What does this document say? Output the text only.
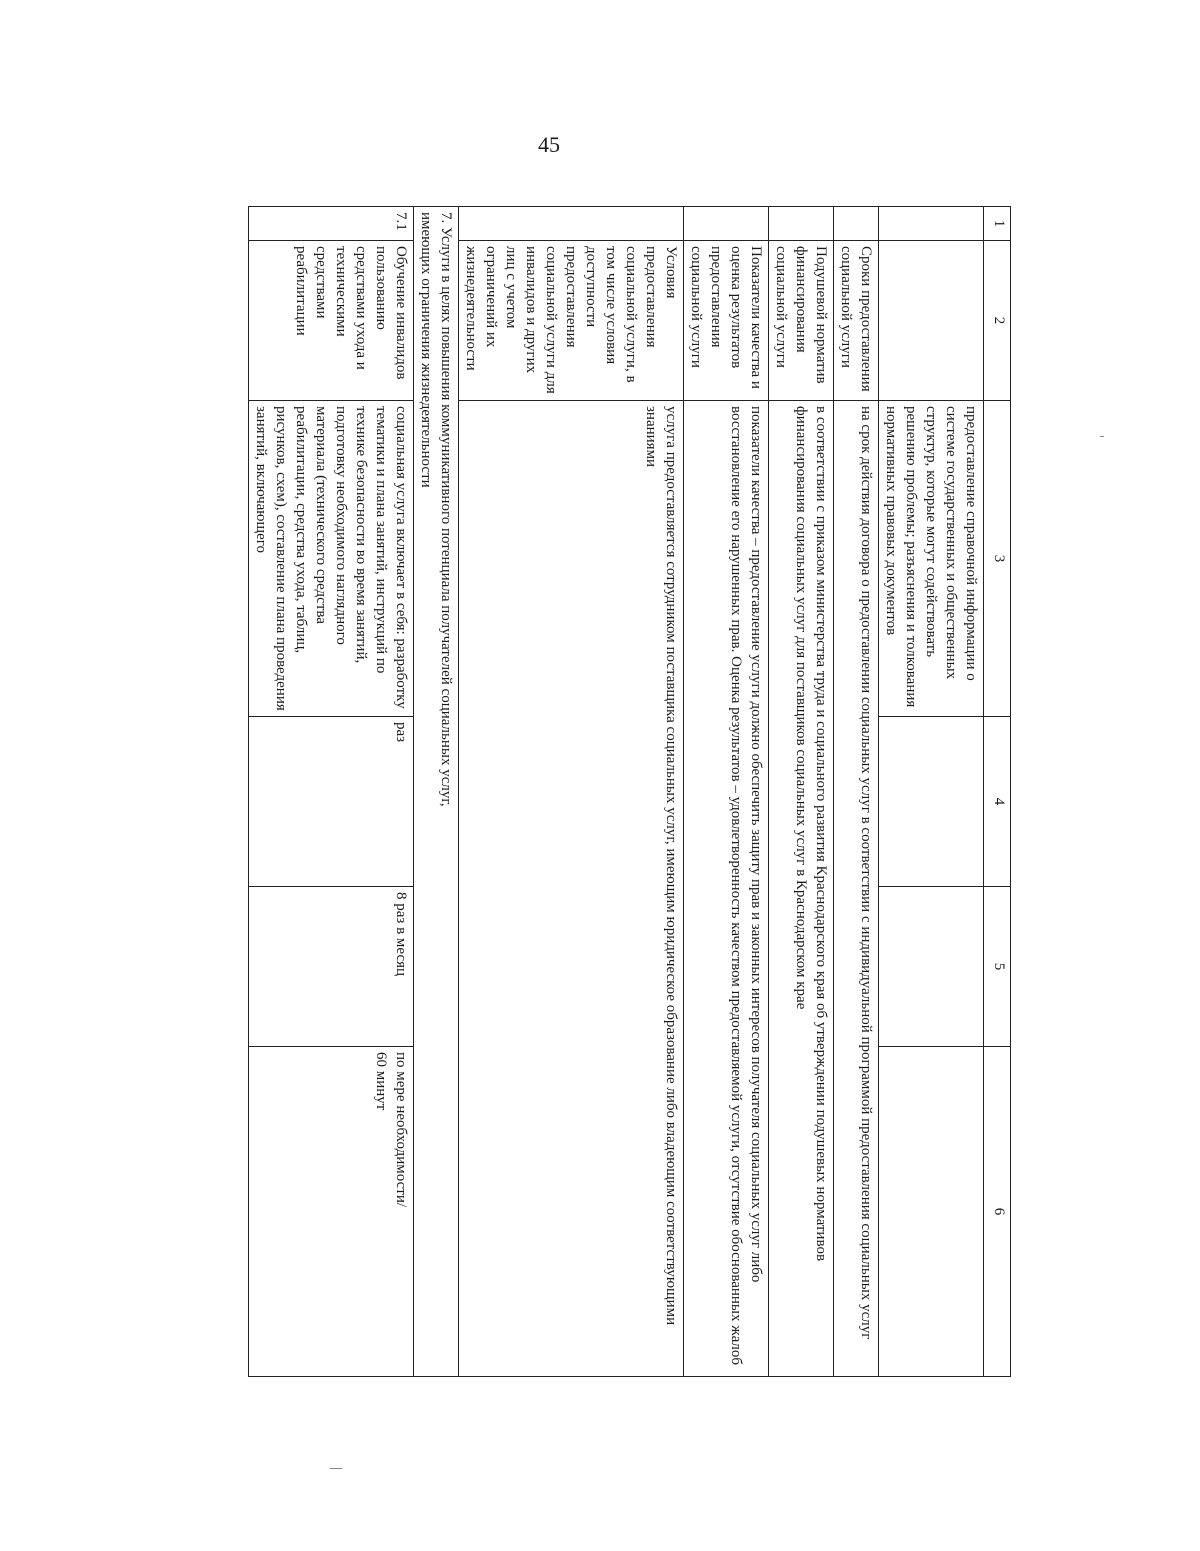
45
1	2	3	4	5	6
		предоставление справочной информации о системе государственных и общественных структур, которые могут содействовать решению проблемы; разъяснения и толкования нормативных правовых документов			
	Сроки предоставления социальной услуги	на срок действия договора о предоставлении социальных услуг в соответствии с индивидуальной программой предоставления социальных услуг			
	Подушевой норматив финансирования социальной услуги	в соответствии с приказом министерства труда и социального развития Краснодарского края об утверждении подушевых нормативов финансирования социальных услуг для поставщиков социальных услуг в Краснодарском крае			
	Показатели качества и оценка результатов предоставления социальной услуги	показатели качества – предоставление услуги должно обеспечить защиту прав и законных интересов получателя социальных услуг либо восстановление его нарушенных прав. Оценка результатов – удовлетворенность качеством предоставляемой услуги, отсутствие обоснованных жалоб			
	Условия предоставления социальной услуги, в том числе условия доступности предоставления социальной услуги для инвалидов и других лиц с учетом ограничений их жизнедеятельности	услуга предоставляется сотрудником поставщика социальных услуг, имеющим юридическое образование либо владеющим соответствующими знаниями			

7. Услуги в целях повышения коммуникативного потенциала получателей социальных услуг,
имеющих ограничения жизнедеятельности					

7.1	Обучение инвалидов пользованию средствами ухода и техническими средствами реабилитации	социальная услуга включает в себя: разработку тематики и плана занятий, инструкций по технике безопасности во время занятий, подготовку необходимого наглядного материала (технического средства реабилитации, средства ухода, таблиц, рисунков, схем), составление плана проведения занятий, включающего	раз	8 раз в месяц	по мере необходимости/
60 минут
